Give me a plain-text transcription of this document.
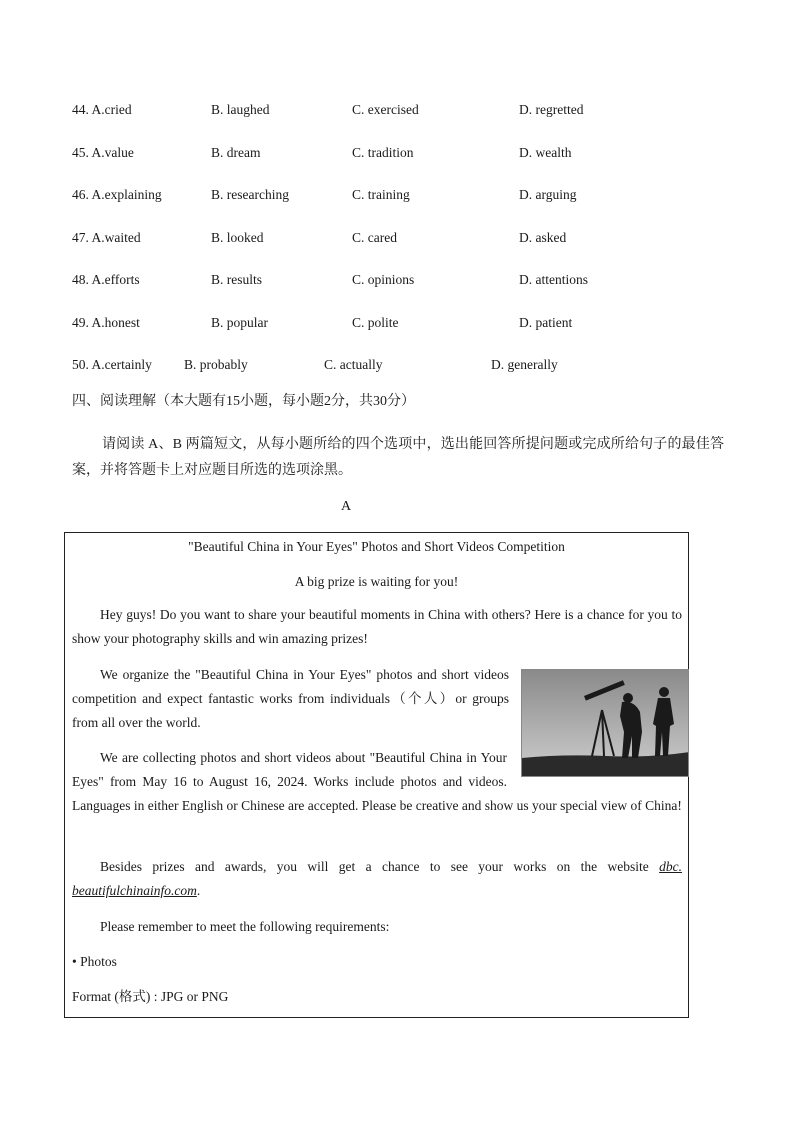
44. A.cried	B. laughed	C. exercised	D. regretted
45. A.value	B. dream	C. tradition	D. wealth
46. A.explaining	B. researching	C. training	D. arguing
47. A.waited	B. looked	C. cared	D. asked
48. A.efforts	B. results	C. opinions	D. attentions
49. A.honest	B. popular	C. polite	D. patient
50. A.certainly B. probably	C. actually	D. generally
四、阅读理解（本大题有15小题，每小题2分，共30分）
请阅读 A、B 两篇短文，从每小题所给的四个选项中，选出能回答所提问题或完成所给句子的最佳答案，并将答题卡上对应题目所选的选项涂黑。
A
"Beautiful China in Your Eyes" Photos and Short Videos Competition
A big prize is waiting for you!
Hey guys! Do you want to share your beautiful moments in China with others? Here is a chance for you to show your photography skills and win amazing prizes!
We organize the "Beautiful China in Your Eyes" photos and short videos competition and expect fantastic works from individuals（个人）or groups from all over the world.
We are collecting photos and short videos about "Beautiful China in Your Eyes" from May 16 to August 16, 2024. Works include photos and videos. Languages in either English or Chinese are accepted. Please be creative and show us your special view of China!
Besides prizes and awards, you will get a chance to see your works on the website dbc. beautifulchinainfo.com.
Please remember to meet the following requirements:
• Photos
Format (格式) : JPG or PNG
